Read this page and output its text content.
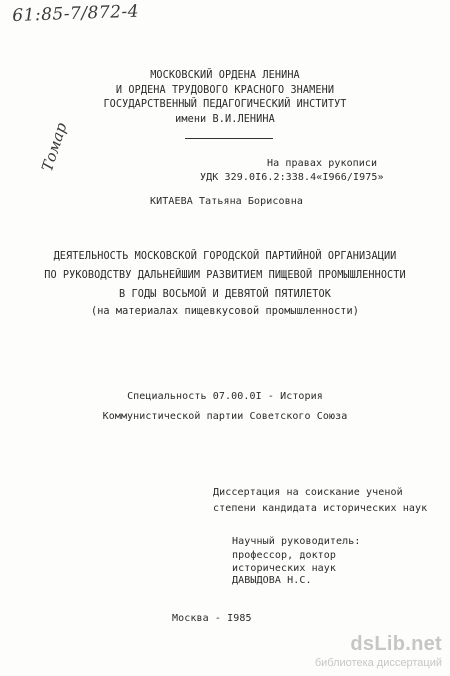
61:85-7/872-4
Томар
МОСКОВСКИЙ ОРДЕНА ЛЕНИНА
И ОРДЕНА ТРУДОВОГО КРАСНОГО ЗНАМЕНИ
ГОСУДАРСТВЕННЫЙ ПЕДАГОГИЧЕСКИЙ ИНСТИТУТ
имени В.И.ЛЕНИНА
На правах рукописи
УДК 329.0I6.2:338.4«I966/I975»
КИТАЕВА Татьяна Борисовна
ДЕЯТЕЛЬНОСТЬ МОСКОВСКОЙ ГОРОДСКОЙ ПАРТИЙНОЙ ОРГАНИЗАЦИИ
ПО РУКОВОДСТВУ ДАЛЬНЕЙШИМ РАЗВИТИЕМ ПИЩЕВОЙ ПРОМЫШЛЕННОСТИ
В ГОДЫ ВОСЬМОЙ И ДЕВЯТОЙ ПЯТИЛЕТОК
(на материалах пищевкусовой промышленности)
Специальность 07.00.0I - История
Коммунистической партии Советского Союза
Диссертация на соискание ученой
степени кандидата исторических наук
Научный руководитель:
профессор, доктор
исторических наук
ДАВЫДОВА Н.С.
Москва - I985
dsLib.net
библиотека диссертаций
